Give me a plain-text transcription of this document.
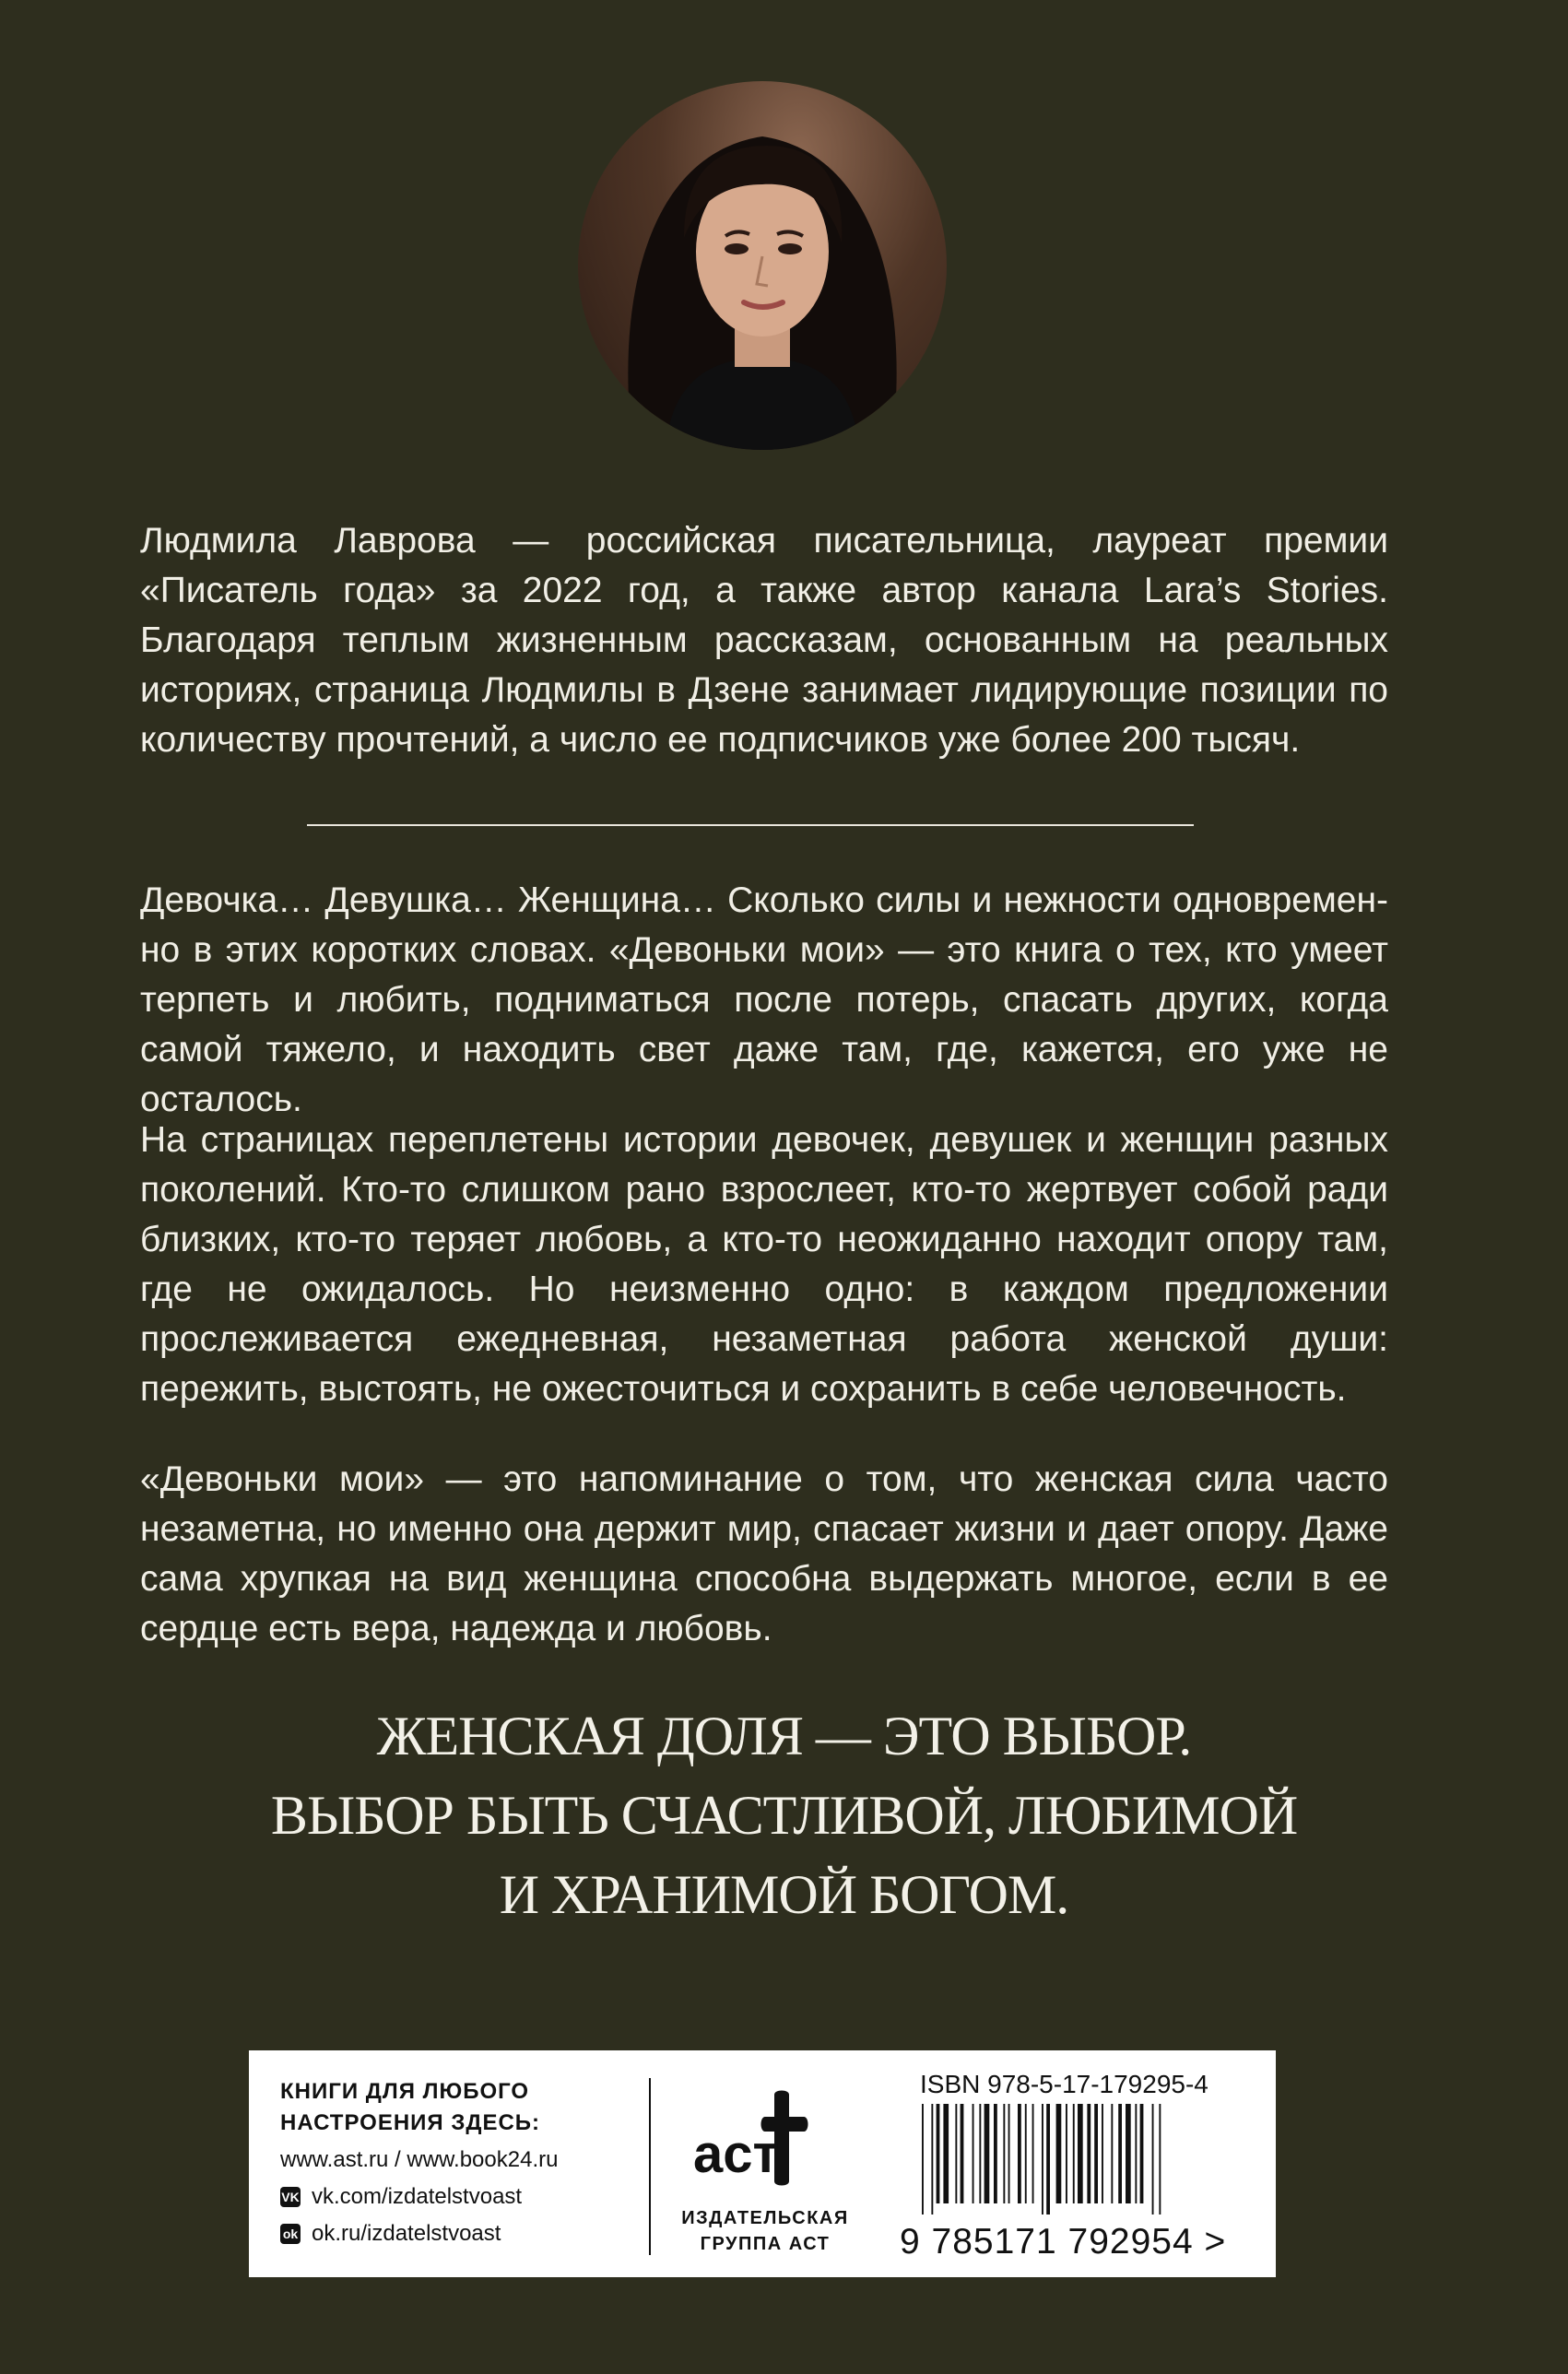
Людмила Лаврова — российская писательница, лауреат премии «Писатель года» за 2022 год, а также автор канала Lara’s Stories. Благодаря теплым жизненным рассказам, основанным на реальных историях, страница Людмилы в Дзене занимает лидирующие позиции по количеству прочтений, а число ее подписчиков уже более 200 тысяч.

Девочка… Девушка… Женщина… Сколько силы и нежности одновременно в этих коротких словах. «Девоньки мои» — это книга о тех, кто умеет терпеть и любить, подниматься после потерь, спасать других, когда самой тяжело, и находить свет даже там, где, кажется, его уже не осталось.

На страницах переплетены истории девочек, девушек и женщин разных поколений. Кто-то слишком рано взрослеет, кто-то жертвует собой ради близких, кто-то теряет любовь, а кто-то неожиданно находит опору там, где не ожидалось. Но неизменно одно: в каждом предложении прослеживается ежедневная, незаметная работа женской души: пережить, выстоять, не ожесточиться и сохранить в себе человечность.

«Девоньки мои» — это напоминание о том, что женская сила часто незаметна, но именно она держит мир, спасает жизни и дает опору. Даже сама хрупкая на вид женщина способна выдержать многое, если в ее сердце есть вера, надежда и любовь.

ЖЕНСКАЯ ДОЛЯ — ЭТО ВЫБОР.
ВЫБОР БЫТЬ СЧАСТЛИВОЙ, ЛЮБИМОЙ
И ХРАНИМОЙ БОГОМ.
КНИГИ ДЛЯ ЛЮБОГО НАСТРОЕНИЯ ЗДЕСЬ:
www.ast.ru / www.book24.ru
VK vk.com/izdatelstvoast
ok ok.ru/izdatelstvoast
аст
ИЗДАТЕЛЬСКАЯ ГРУППА АСТ
ISBN 978-5-17-179295-4
9 785171 792954 >
